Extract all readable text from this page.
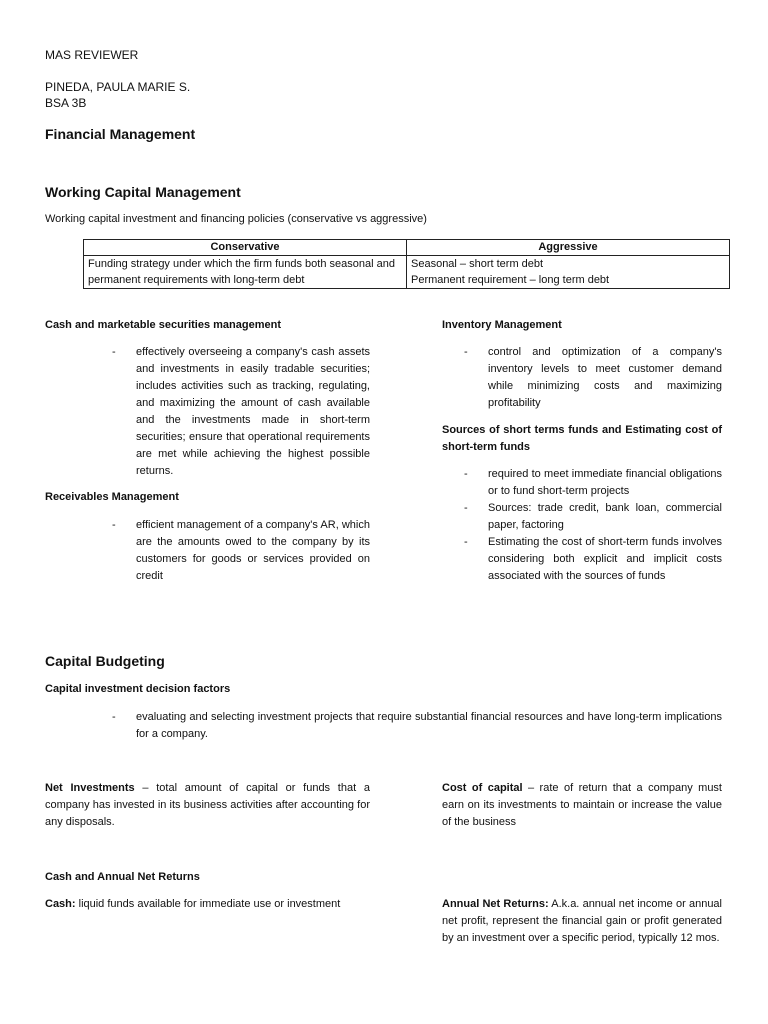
MAS REVIEWER
PINEDA, PAULA MARIE S.
BSA 3B
Financial Management
Working Capital Management
Working capital investment and financing policies (conservative vs aggressive)
Conservative	Aggressive
Funding strategy under which the firm funds both seasonal and permanent requirements with long-term debt	Seasonal – short term debt
Permanent requirement – long term debt
Cash and marketable securities management
-	effectively overseeing a company's cash assets and investments in easily tradable securities; includes activities such as tracking, regulating, and maximizing the amount of cash available and the investments made in short-term securities; ensure that operational requirements are met while achieving the highest possible returns.
Receivables Management
-	efficient management of a company's AR, which are the amounts owed to the company by its customers for goods or services provided on credit
Inventory Management
-	control and optimization of a company's inventory levels to meet customer demand while minimizing costs and maximizing profitability
Sources of short terms funds and Estimating cost of short-term funds
-	required to meet immediate financial obligations or to fund short-term projects
-	Sources: trade credit, bank loan, commercial paper, factoring
-	Estimating the cost of short-term funds involves considering both explicit and implicit costs associated with the sources of funds
Capital Budgeting
Capital investment decision factors
-	evaluating and selecting investment projects that require substantial financial resources and have long-term implications for a company.
Net Investments – total amount of capital or funds that a company has invested in its business activities after accounting for any disposals.
Cost of capital – rate of return that a company must earn on its investments to maintain or increase the value of the business
Cash and Annual Net Returns
Cash: liquid funds available for immediate use or investment	Annual Net Returns: A.k.a. annual net income or annual net profit, represent the financial gain or profit generated by an investment over a specific period, typically 12 mos.
